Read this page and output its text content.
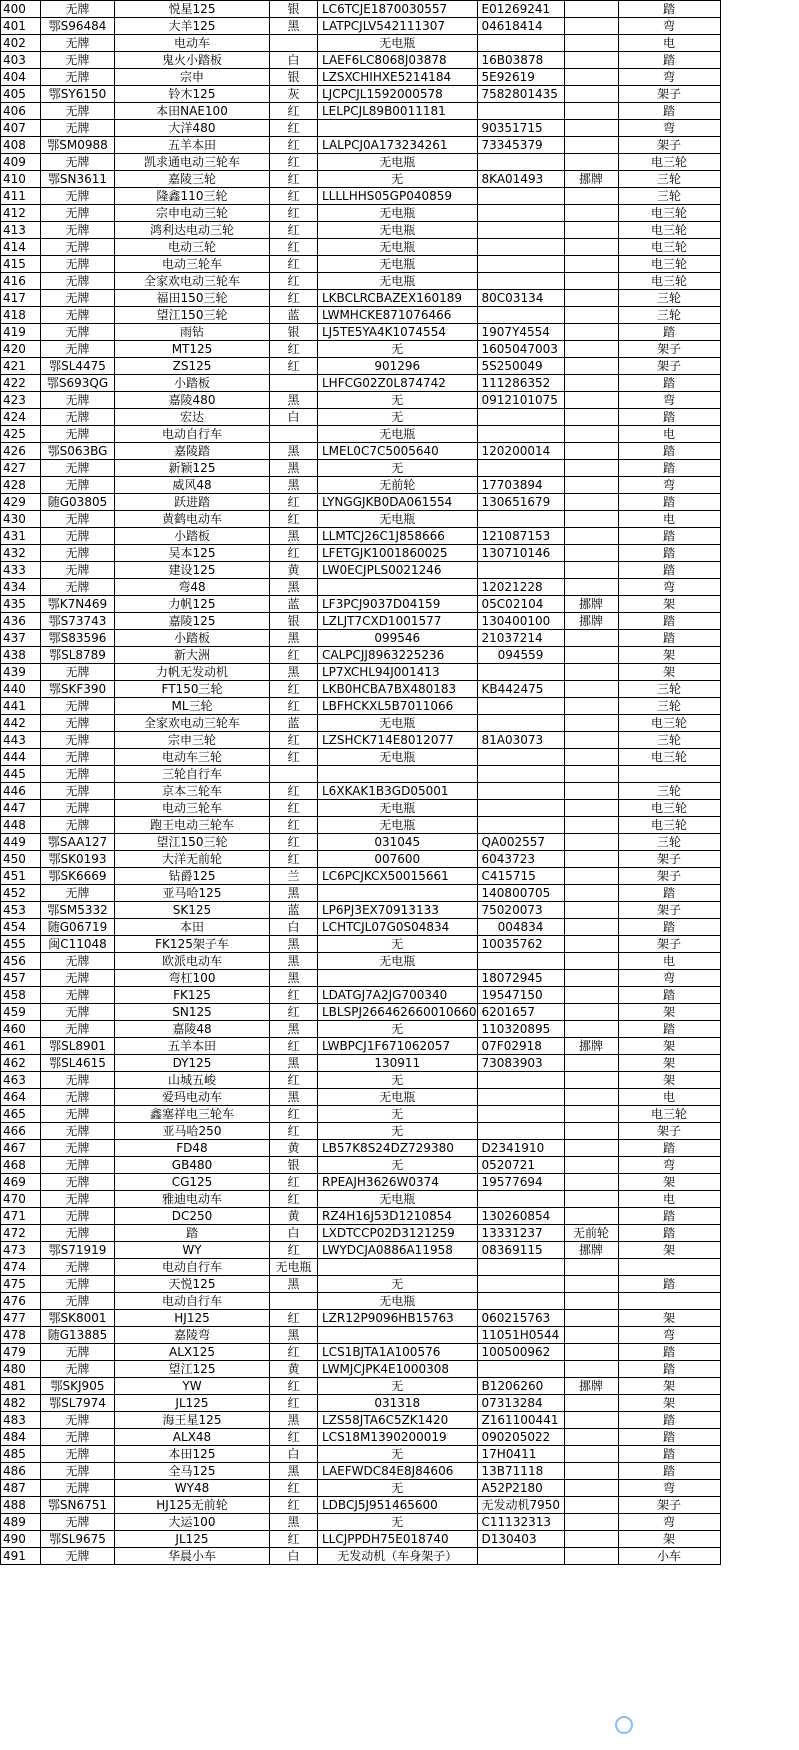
400	无牌	悦星125	银	LC6TCJE1870030557	E01269241		踏
401	鄂S96484	大羊125	黑	LATPCJLV542111307	04618414		弯
402	无牌	电动车		无电瓶			电
403	无牌	鬼火小踏板	白	LAEF6LC8068J03878	16B03878		踏
404	无牌	宗申	银	LZSXCHIHXE5214184	5E92619		弯
405	鄂SY6150	铃木125	灰	LJCPCJL1592000578	7582801435		架子
406	无牌	本田NAE100	红	LELPCJL89B0011181			踏
407	无牌	大洋480	红		90351715		弯
408	鄂SM0988	五羊本田	红	LALPCJ0A173234261	73345379		架子
409	无牌	凯求通电动三轮车	红	无电瓶			电三轮
410	鄂SN3611	嘉陵三轮	红	无	8KA01493	挪牌	三轮
411	无牌	隆鑫110三轮	红	LLLLHHS05GP040859			三轮
412	无牌	宗申电动三轮	红	无电瓶			电三轮
413	无牌	鸿利达电动三轮	红	无电瓶			电三轮
414	无牌	电动三轮	红	无电瓶			电三轮
415	无牌	电动三轮车	红	无电瓶			电三轮
416	无牌	全家欢电动三轮车	红	无电瓶			电三轮
417	无牌	福田150三轮	红	LKBCLRCBAZEX160189	80C03134		三轮
418	无牌	望江150三轮	蓝	LWMHCKE871076466			三轮
419	无牌	雨钻	银	LJ5TE5YA4K1074554	1907Y4554		踏
420	无牌	MT125	红	无	1605047003		架子
421	鄂SL4475	ZS125	红	901296	5S250049		架子
422	鄂S693QG	小踏板		LHFCG02Z0L874742	111286352		踏
423	无牌	嘉陵480	黑	无	0912101075		弯
424	无牌	宏达	白	无			踏
425	无牌	电动自行车		无电瓶			电
426	鄂S063BG	嘉陵踏	黑	LMEL0C7C5005640	120200014		踏
427	无牌	新颖125	黑	无			踏
428	无牌	威风48	黑	无前轮	17703894		弯
429	随G03805	跃进踏	红	LYNGGJKB0DA061554	130651679		踏
430	无牌	黄鹤电动车	红	无电瓶			电
431	无牌	小踏板	黑	LLMTCJ26C1J858666	121087153		踏
432	无牌	吴本125	红	LFETGJK1001860025	130710146		踏
433	无牌	建设125	黄	LW0ECJPLS0021246			踏
434	无牌	弯48	黑		12021228		弯
435	鄂K7N469	力帆125	蓝	LF3PCJ9037D04159	05C02104	挪牌	架
436	鄂S73743	嘉陵125	银	LZLJT7CXD1001577	130400100	挪牌	踏
437	鄂S83596	小踏板	黑	099546	21037214		踏
438	鄂SL8789	新大洲	红	CALPCJJ8963225236	094559		架
439	无牌	力帆无发动机	黑	LP7XCHL94J001413			架
440	鄂SKF390	FT150三轮	红	LKB0HCBA7BX480183	KB442475		三轮
441	无牌	ML三轮	红	LBFHCKXL5B7011066			三轮
442	无牌	全家欢电动三轮车	蓝	无电瓶			电三轮
443	无牌	宗申三轮	红	LZSHCK714E8012077	81A03073		三轮
444	无牌	电动车三轮	红	无电瓶			电三轮
445	无牌	三轮自行车					
446	无牌	京本三轮车	红	L6XKAK1B3GD05001			三轮
447	无牌	电动三轮车	红	无电瓶			电三轮
448	无牌	跑王电动三轮车	红	无电瓶			电三轮
449	鄂SAA127	望江150三轮	红	031045	QA002557		三轮
450	鄂SK0193	大洋无前轮	红	007600	6043723		架子
451	鄂SK6669	钻爵125	兰	LC6PCJKCX50015661	C415715		架子
452	无牌	亚马哈125	黑		140800705		踏
453	鄂SM5332	SK125	蓝	LP6PJ3EX70913133	75020073		架子
454	随G06719	本田	白	LCHTCJL07G0S04834	004834		踏
455	闽C11048	FK125架子车	黑	无	10035762		架子
456	无牌	欧派电动车	黑	无电瓶			电
457	无牌	弯杠100	黑		18072945		弯
458	无牌	FK125	红	LDATGJ7A2JG700340	19547150		踏
459	无牌	SN125	红	LBLSPJ266462660010660	6201657		架
460	无牌	嘉陵48	黑	无	110320895		踏
461	鄂SL8901	五羊本田	红	LWBPCJ1F671062057	07F02918	挪牌	架
462	鄂SL4615	DY125	黑	130911	73083903		架
463	无牌	山城五峻	红	无			架
464	无牌	爱玛电动车	黑	无电瓶			电
465	无牌	鑫塞祥电三轮车	红	无			电三轮
466	无牌	亚马哈250	红	无			架子
467	无牌	FD48	黄	LB57K8S24DZ729380	D2341910		踏
468	无牌	GB480	银	无	0520721		弯
469	无牌	CG125	红	RPEAJH3626W0374	19577694		架
470	无牌	雅迪电动车	红	无电瓶			电
471	无牌	DC250	黄	RZ4H16J53D1210854	130260854		踏
472	无牌	踏	白	LXDTCCP02D3121259	13331237	无前轮	踏
473	鄂S71919	WY	红	LWYDCJA0886A11958	08369115	挪牌	架
474	无牌	电动自行车	无电瓶				
475	无牌	天悦125	黑	无			踏
476	无牌	电动自行车		无电瓶			
477	鄂SK8001	HJ125	红	LZR12P9096HB15763	060215763		架
478	随G13885	嘉陵弯	黑		11051H0544		弯
479	无牌	ALX125	红	LCS1BJTA1A100576	100500962		踏
480	无牌	望江125	黄	LWMJCJPK4E1000308			踏
481	鄂SKJ905	YW	红	无	B1206260	挪牌	架
482	鄂SL7974	JL125	红	031318	07313284		架
483	无牌	海王星125	黑	LZS58JTA6C5ZK1420	Z161100441		踏
484	无牌	ALX48	红	LCS18M1390200019	090205022		踏
485	无牌	本田125	白	无	17H0411		踏
486	无牌	全马125	黑	LAEFWDC84E8J84606	13B71118		踏
487	无牌	WY48	红	无	A52P2180		弯
488	鄂SN6751	HJ125无前轮	红	LDBCJ5J951465600	无发动机7950		架子
489	无牌	大运100	黑	无	C11132313		弯
490	鄂SL9675	JL125	红	LLCJPPDH75E018740	D130403		架
491	无牌	华晨小车	白	无发动机（车身架子）			小车
